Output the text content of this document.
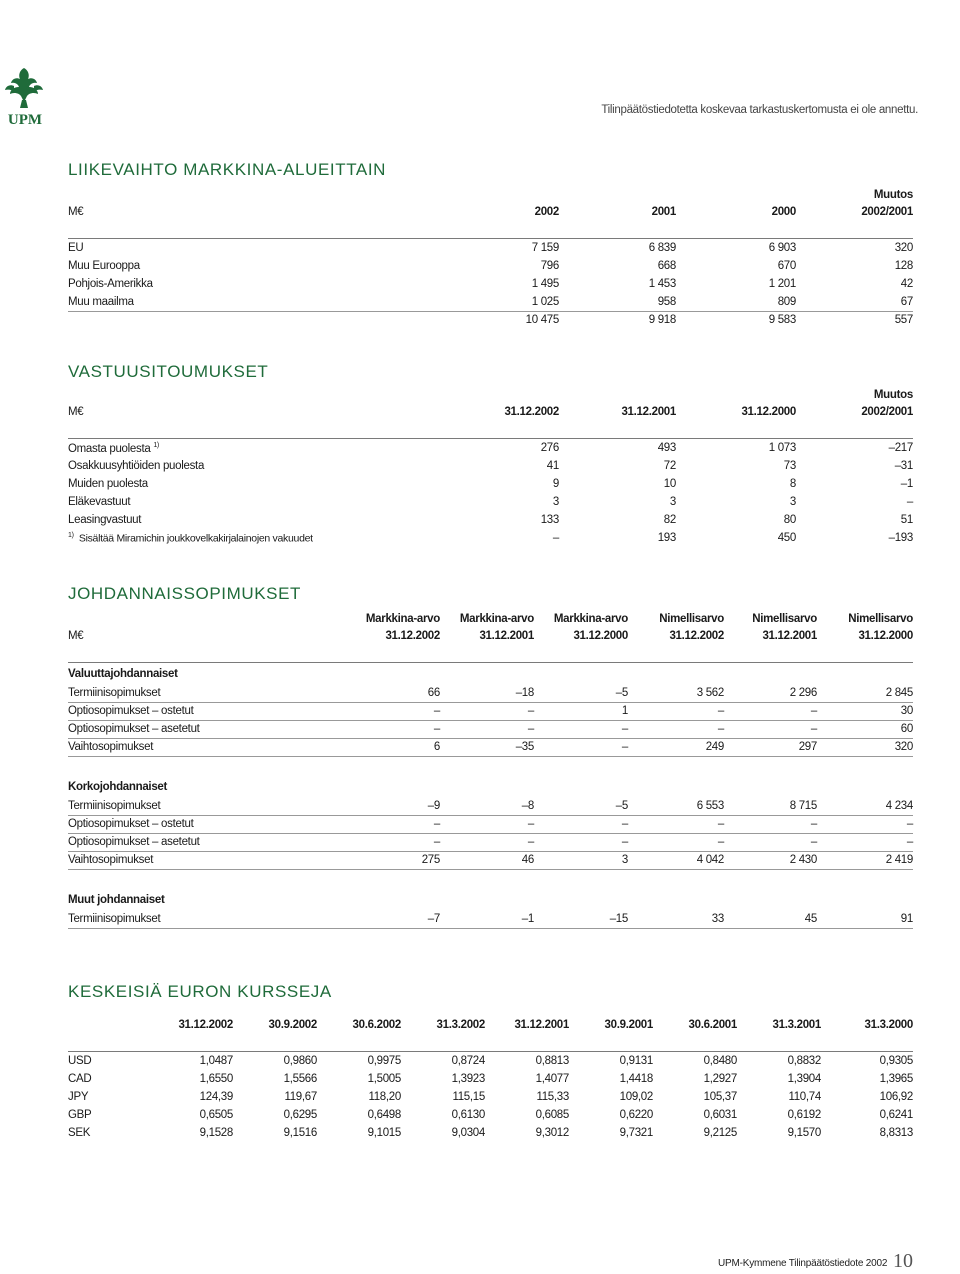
UPM
Tilinpäätöstiedotetta koskevaa tarkastuskertomusta ei ole annettu.
LIIKEVAIHTO MARKKINA-ALUEITTAIN
				Muutos
M€	2002	2001	2000	2002/2001

EU	7 159	6 839	6 903	320
Muu Eurooppa	796	668	670	128
Pohjois-Amerikka	1 495	1 453	1 201	42
Muu maailma	1 025	958	809	67
	10 475	9 918	9 583	557
VASTUUSITOUMUKSET
				Muutos
M€	31.12.2002	31.12.2001	31.12.2000	2002/2001

Omasta puolesta $^{1)}$	276	493	1 073	–217
Osakkuusyhtiöiden puolesta	41	72	73	–31
Muiden puolesta	9	10	8	–1
Eläkevastuut	3	3	3	–
Leasingvastuut	133	82	80	51
$^{1)}$ Sisältää Miramichin joukkovelkakirjalainojen vakuudet	–	193	450	–193
JOHDANNAISSOPIMUKSET
	Markkina-arvo	Markkina-arvo	Markkina-arvo	Nimellisarvo	Nimellisarvo	Nimellisarvo
M€	31.12.2002	31.12.2001	31.12.2000	31.12.2002	31.12.2001	31.12.2000

Valuuttajohdannaiset						
Termiinisopimukset	66	–18	–5	3 562	2 296	2 845
Optiosopimukset – ostetut	–	–	1	–	–	30
Optiosopimukset – asetetut	–	–	–	–	–	60
Vaihtosopimukset	6	–35	–	249	297	320

Korkojohdannaiset						
Termiinisopimukset	–9	–8	–5	6 553	8 715	4 234
Optiosopimukset – ostetut	–	–	–	–	–	–
Optiosopimukset – asetetut	–	–	–	–	–	–
Vaihtosopimukset	275	46	3	4 042	2 430	2 419

Muut johdannaiset						
Termiinisopimukset	–7	–1	–15	33	45	91
KESKEISIÄ EURON KURSSEJA
	31.12.2002	30.9.2002	30.6.2002	31.3.2002	31.12.2001	30.9.2001	30.6.2001	31.3.2001	31.3.2000

USD	1,0487	0,9860	0,9975	0,8724	0,8813	0,9131	0,8480	0,8832	0,9305
CAD	1,6550	1,5566	1,5005	1,3923	1,4077	1,4418	1,2927	1,3904	1,3965
JPY	124,39	119,67	118,20	115,15	115,33	109,02	105,37	110,74	106,92
GBP	0,6505	0,6295	0,6498	0,6130	0,6085	0,6220	0,6031	0,6192	0,6241
SEK	9,1528	9,1516	9,1015	9,0304	9,3012	9,7321	9,2125	9,1570	8,8313
UPM-Kymmene Tilinpäätöstiedote 2002 10
